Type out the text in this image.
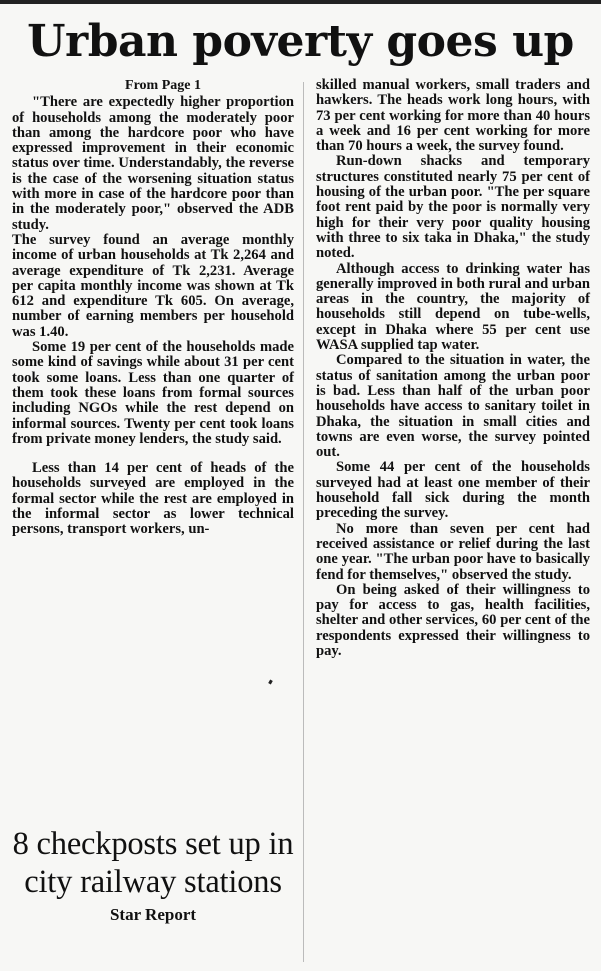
Urban poverty goes up

From Page 1

"There are expectedly higher proportion of households among the moderately poor than among the hardcore poor who have expressed improvement in their economic status over time. Understandably, the reverse is the case of the worsening situation status with more in case of the hardcore poor than in the moderately poor," observed the ADB study.

The survey found an average monthly income of urban households at Tk 2,264 and average expenditure of Tk 2,231. Average per capita monthly income was shown at Tk 612 and expenditure Tk 605. On average, number of earning members per household was 1.40.

Some 19 per cent of the households made some kind of savings while about 31 per cent took some loans. Less than one quarter of them took these loans from formal sources including NGOs while the rest depend on informal sources. Twenty per cent took loans from private money lenders, the study said.

Less than 14 per cent of heads of the households surveyed are employed in the formal sector while the rest are employed in the informal sector as lower technical persons, transport workers, un-

8 checkposts set up in city railway stations

Star Report

skilled manual workers, small traders and hawkers. The heads work long hours, with 73 per cent working for more than 40 hours a week and 16 per cent working for more than 70 hours a week, the survey found.

Run-down shacks and temporary structures constituted nearly 75 per cent of housing of the urban poor. "The per square foot rent paid by the poor is normally very high for their very poor quality housing with three to six taka in Dhaka," the study noted.

Although access to drinking water has generally improved in both rural and urban areas in the country, the majority of households still depend on tube-wells, except in Dhaka where 55 per cent use WASA supplied tap water.

Compared to the situation in water, the status of sanitation among the urban poor is bad. Less than half of the urban poor households have access to sanitary toilet in Dhaka, the situation in small cities and towns are even worse, the survey pointed out.

Some 44 per cent of the households surveyed had at least one member of their household fall sick during the month preceding the survey.

No more than seven per cent had received assistance or relief during the last one year. "The urban poor have to basically fend for themselves," observed the study.

On being asked of their willingness to pay for access to gas, health facilities, shelter and other services, 60 per cent of the respondents expressed their willingness to pay.
